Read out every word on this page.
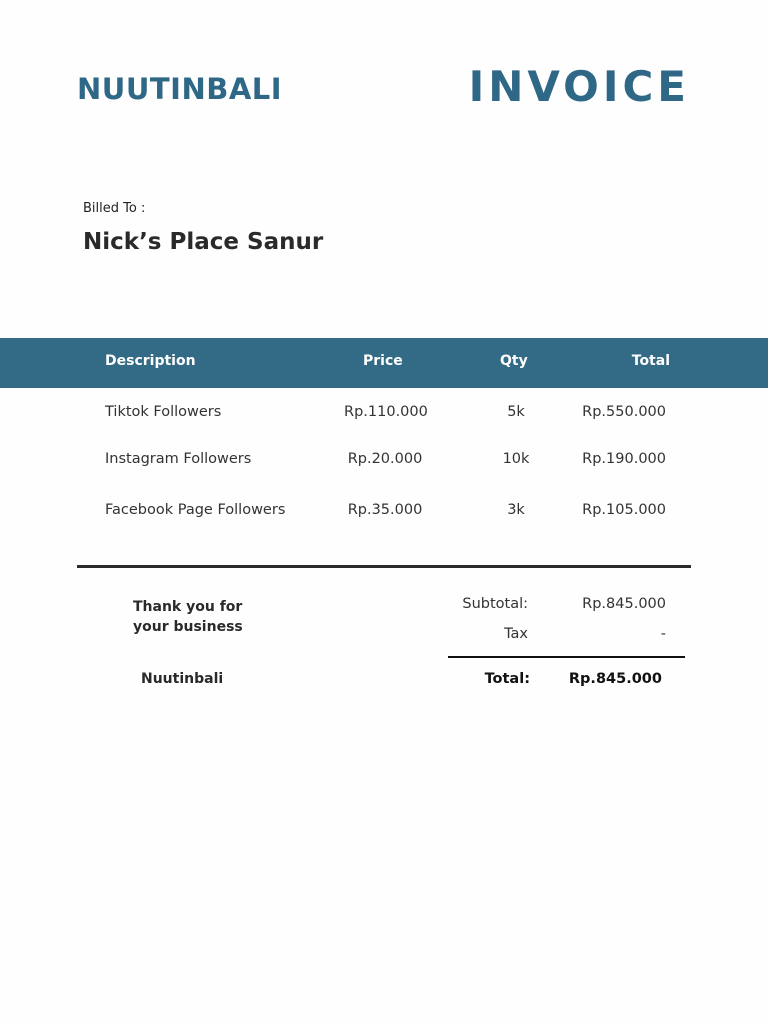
NUUTINBALI	INVOICE
Billed To :
Nick’s Place Sanur
Description	Price	Qty	Total
Tiktok Followers	Rp.110.000	5k	Rp.550.000
Instagram Followers	Rp.20.000	10k	Rp.190.000
Facebook Page Followers	Rp.35.000	3k	Rp.105.000
Thank you for
your business
Nuutinbali
Subtotal:	Rp.845.000
Tax	-
Total:	Rp.845.000
